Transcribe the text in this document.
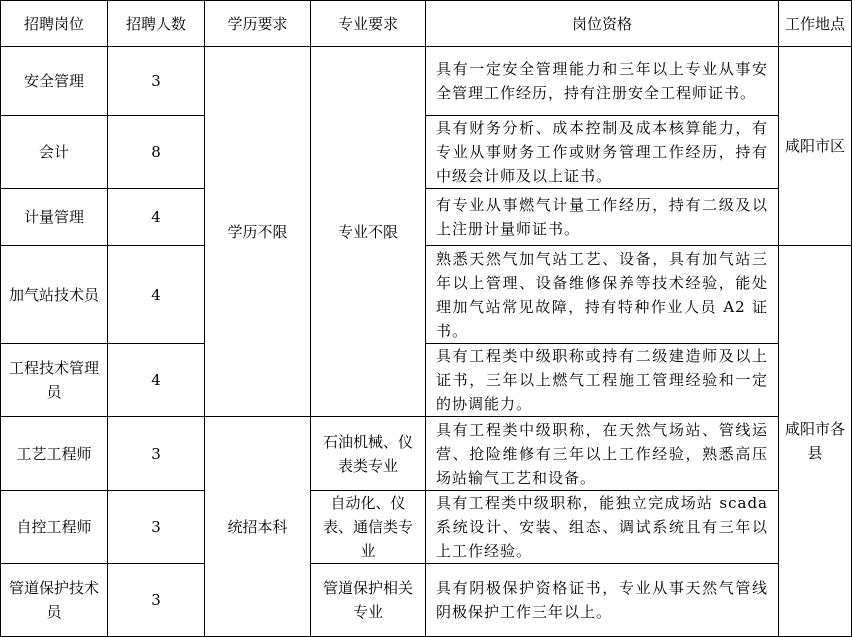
招聘岗位	招聘人数	学历要求	专业要求	岗位资格	工作地点
安全管理	3	学历不限	专业不限	具有一定安全管理能力和三年以上专业从事安全管理工作经历，持有注册安全工程师证书。	咸阳市区
会计	8			具有财务分析、成本控制及成本核算能力，有专业从事财务工作或财务管理工作经历，持有中级会计师及以上证书。	
计量管理	4			有专业从事燃气计量工作经历，持有二级及以上注册计量师证书。	
加气站技术员	4			熟悉天然气加气站工艺、设备，具有加气站三年以上管理、设备维修保养等技术经验，能处理加气站常见故障，持有特种作业人员 A2 证书。	咸阳市各县
工程技术管理员	4			具有工程类中级职称或持有二级建造师及以上证书，三年以上燃气工程施工管理经验和一定的协调能力。	
工艺工程师	3	统招本科	石油机械、仪表类专业	具有工程类中级职称，在天然气场站、管线运营、抢险维修有三年以上工作经验，熟悉高压场站输气工艺和设备。	
自控工程师	3		自动化、仪表、通信类专业	具有工程类中级职称，能独立完成场站 scada 系统设计、安装、组态、调试系统且有三年以上工作经验。	
管道保护技术员	3		管道保护相关专业	具有阴极保护资格证书，专业从事天然气管线阴极保护工作三年以上。	
